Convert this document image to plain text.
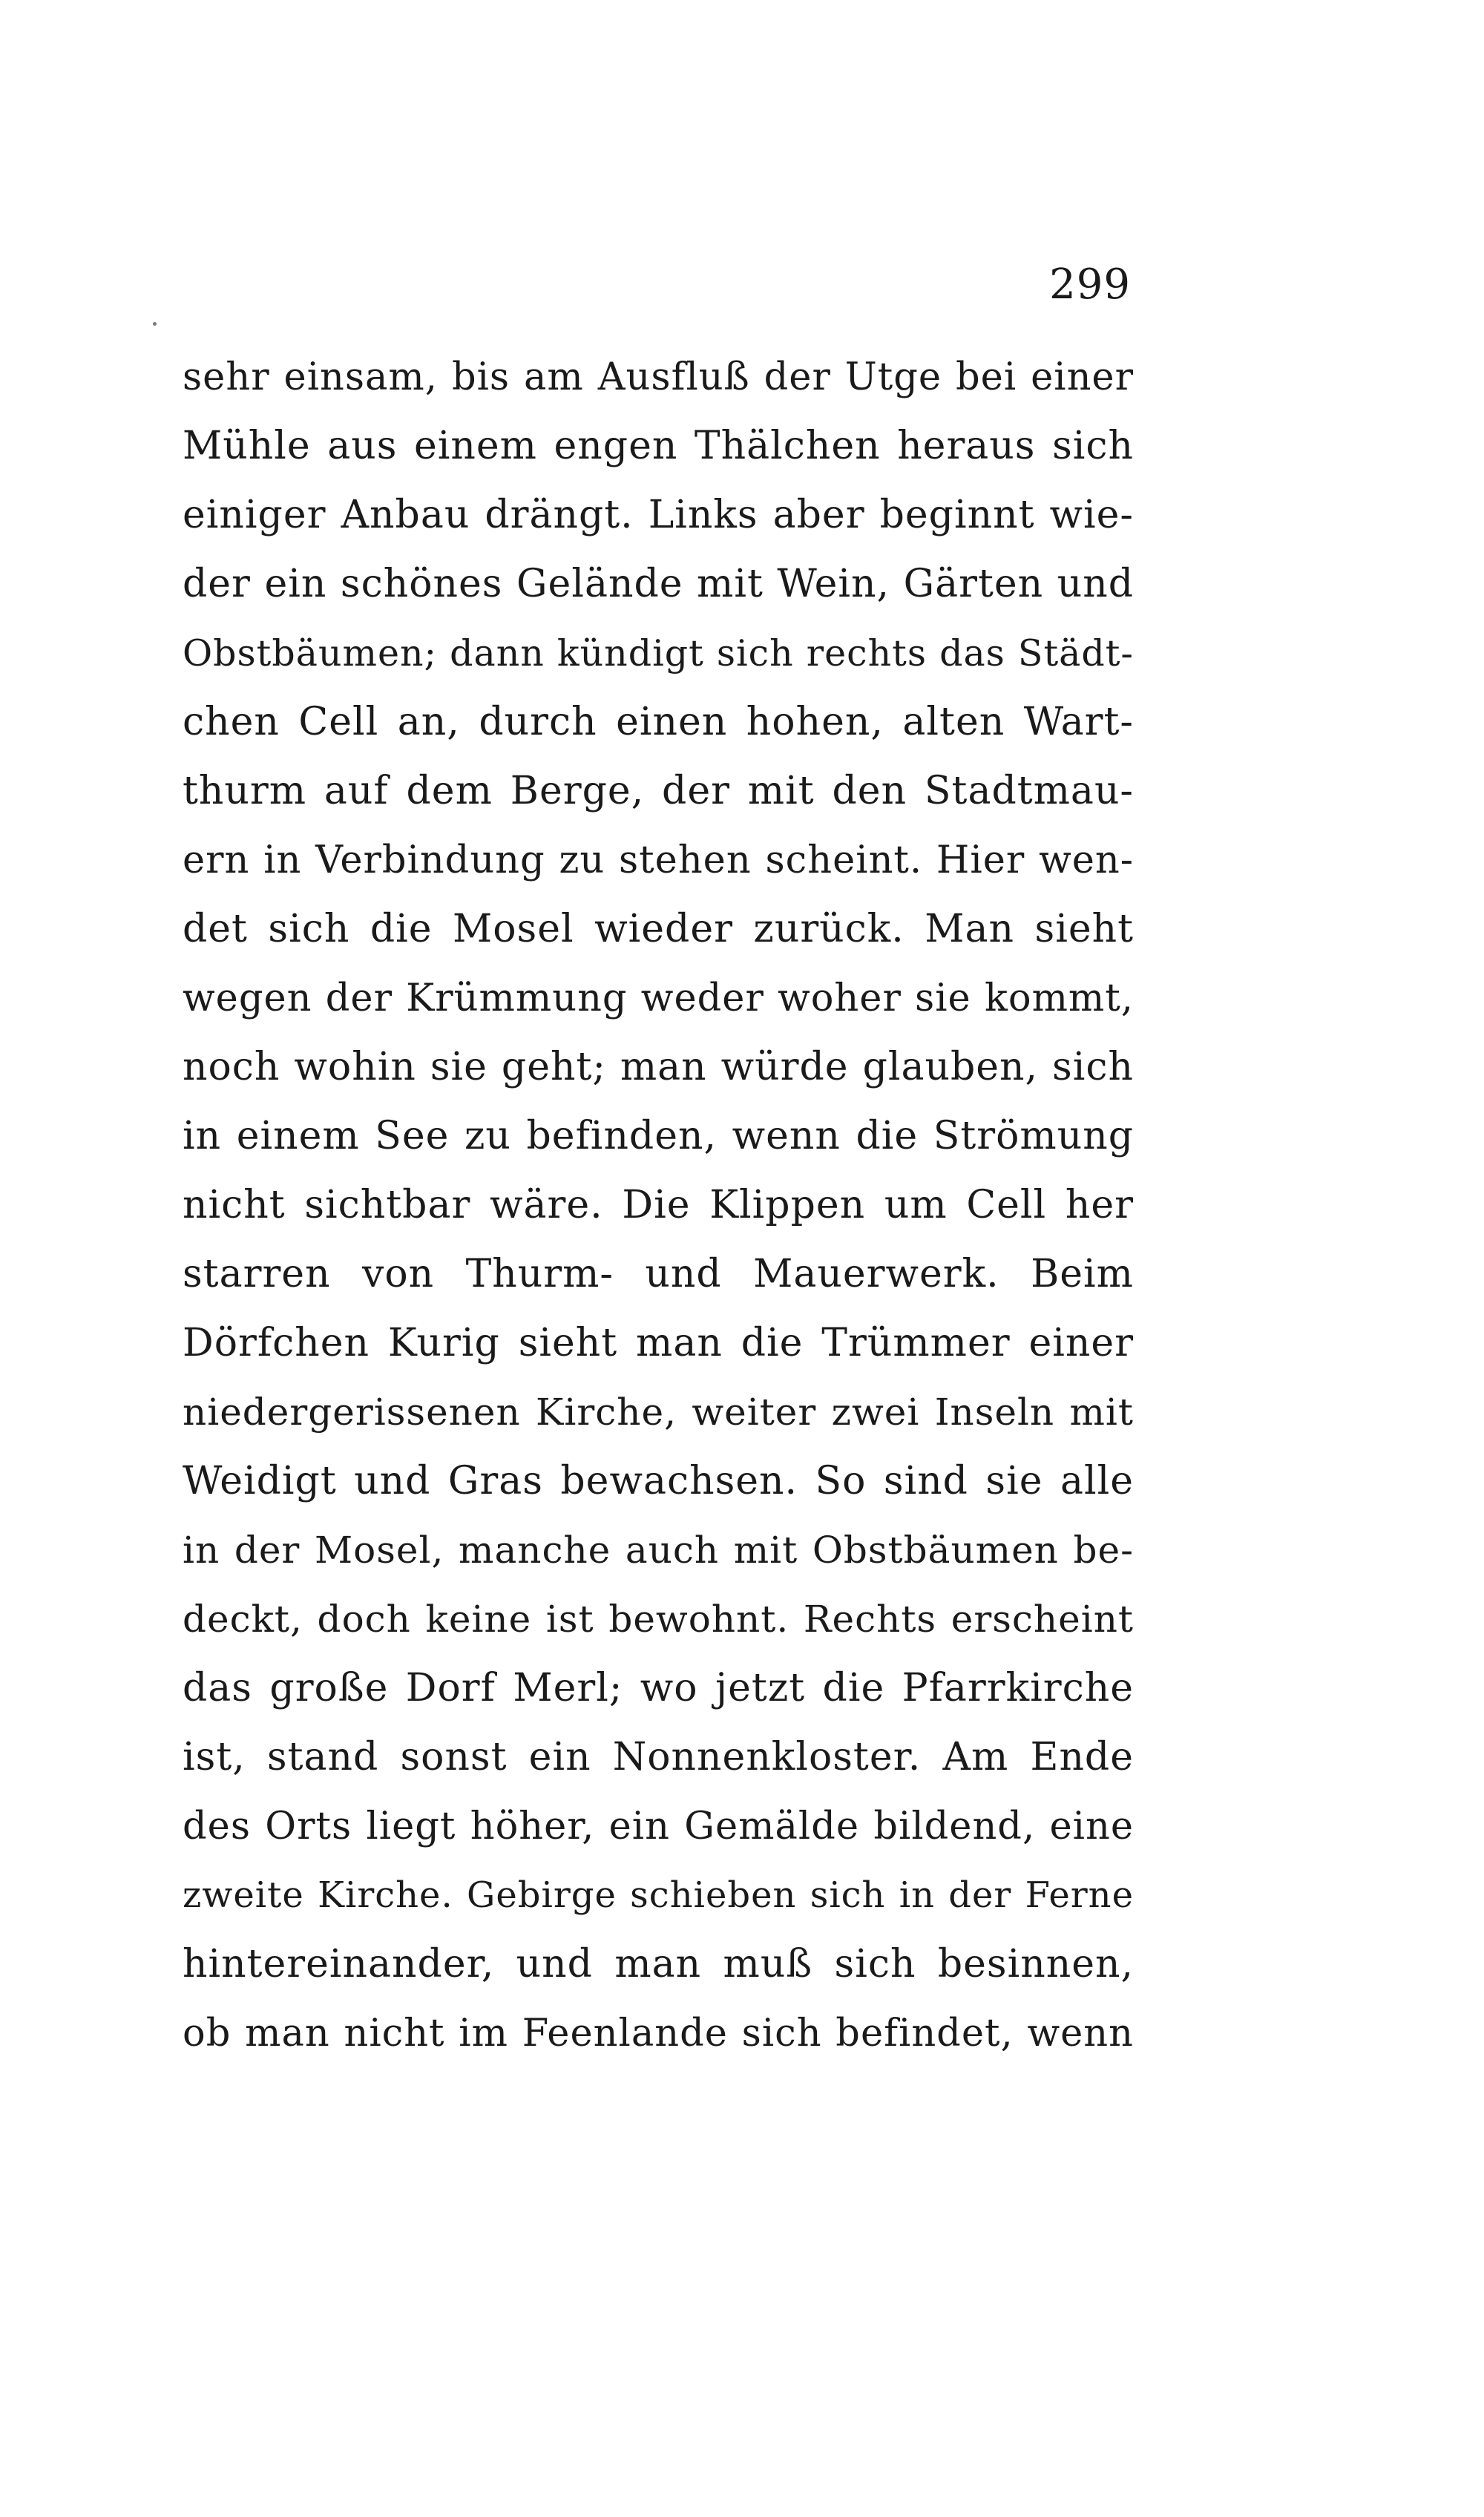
299
sehr einsam, bis am Ausfluß der Utge bei einer
Mühle aus einem engen Thälchen heraus sich
einiger Anbau drängt. Links aber beginnt wie-
der ein schönes Gelände mit Wein, Gärten und
Obstbäumen; dann kündigt sich rechts das Städt-
chen Cell an, durch einen hohen, alten Wart-
thurm auf dem Berge, der mit den Stadtmau-
ern in Verbindung zu stehen scheint. Hier wen-
det sich die Mosel wieder zurück. Man sieht
wegen der Krümmung weder woher sie kommt,
noch wohin sie geht; man würde glauben, sich
in einem See zu befinden, wenn die Strömung
nicht sichtbar wäre. Die Klippen um Cell her
starren von Thurm- und Mauerwerk. Beim
Dörfchen Kurig sieht man die Trümmer einer
niedergerissenen Kirche, weiter zwei Inseln mit
Weidigt und Gras bewachsen. So sind sie alle
in der Mosel, manche auch mit Obstbäumen be-
deckt, doch keine ist bewohnt. Rechts erscheint
das große Dorf Merl; wo jetzt die Pfarrkirche
ist, stand sonst ein Nonnenkloster. Am Ende
des Orts liegt höher, ein Gemälde bildend, eine
zweite Kirche. Gebirge schieben sich in der Ferne
hintereinander, und man muß sich besinnen,
ob man nicht im Feenlande sich befindet, wenn
